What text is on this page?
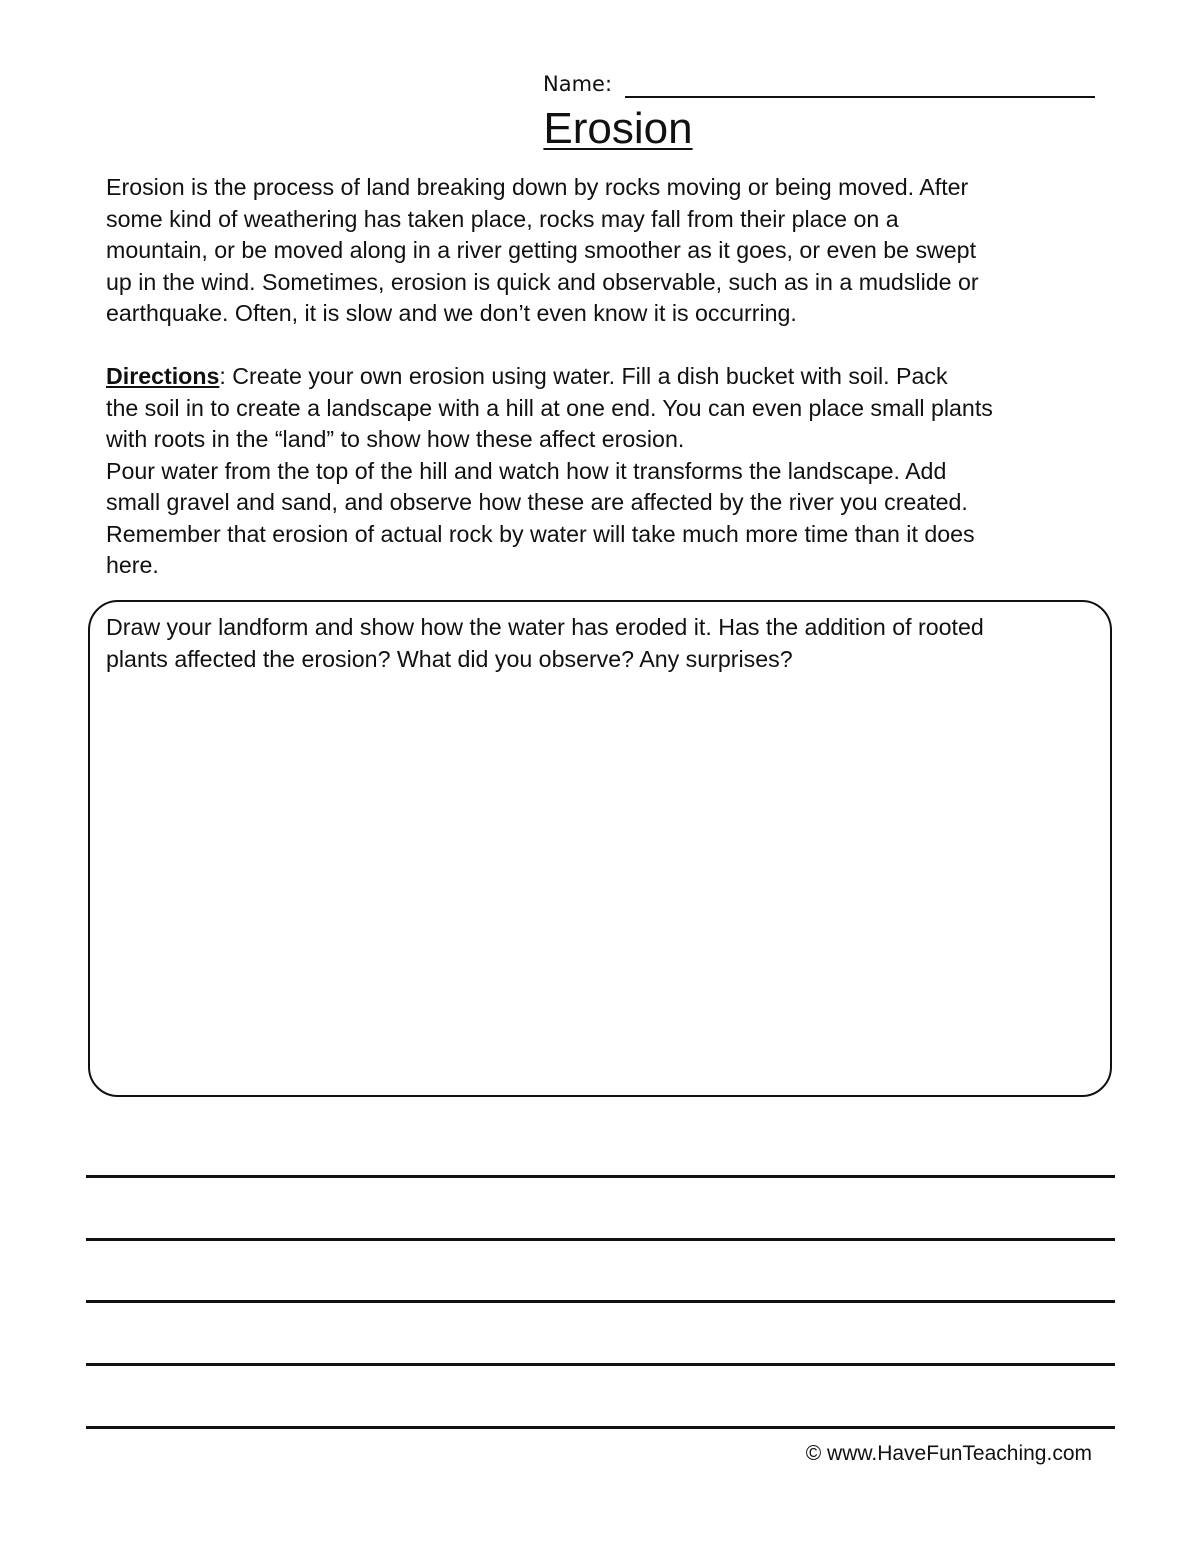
Name:
Erosion

Erosion is the process of land breaking down by rocks moving or being moved. After
some kind of weathering has taken place, rocks may fall from their place on a
mountain, or be moved along in a river getting smoother as it goes, or even be swept
up in the wind. Sometimes, erosion is quick and observable, such as in a mudslide or
earthquake. Often, it is slow and we don’t even know it is occurring.

Directions: Create your own erosion using water. Fill a dish bucket with soil. Pack
the soil in to create a landscape with a hill at one end. You can even place small plants
with roots in the “land” to show how these affect erosion.
Pour water from the top of the hill and watch how it transforms the landscape. Add
small gravel and sand, and observe how these are affected by the river you created.
Remember that erosion of actual rock by water will take much more time than it does
here.

Draw your landform and show how the water has eroded it. Has the addition of rooted
plants affected the erosion? What did you observe? Any surprises?

© www.HaveFunTeaching.com
